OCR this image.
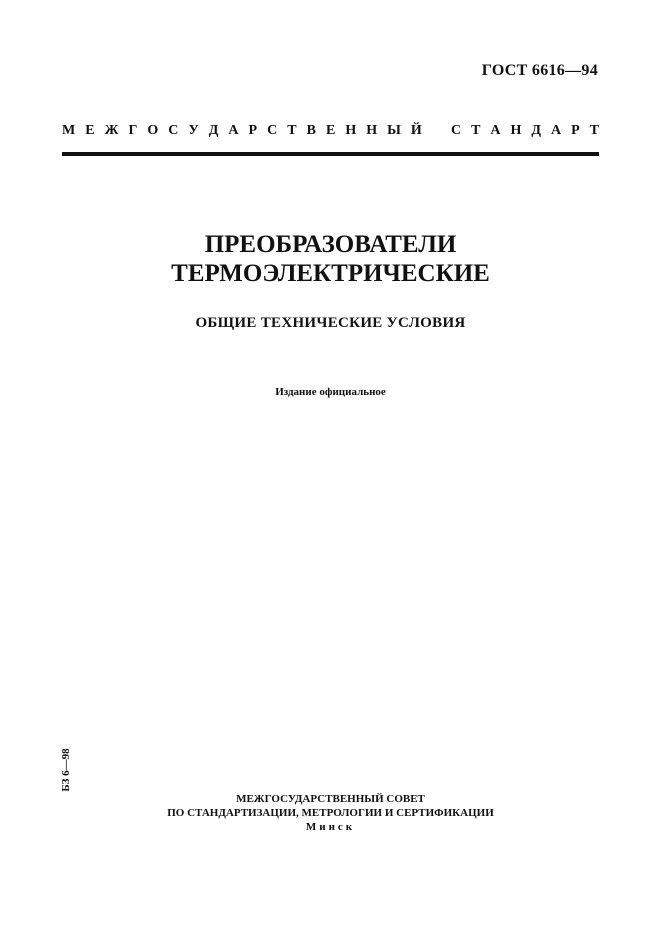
ГОСТ 6616—94
М Е Ж Г О С У Д А Р С Т В Е Н Н Ы Й С Т А Н Д А Р Т
ПРЕОБРАЗОВАТЕЛИ
ТЕРМОЭЛЕКТРИЧЕСКИЕ
ОБЩИЕ ТЕХНИЧЕСКИЕ УСЛОВИЯ
Издание официальное
БЗ 6—98
МЕЖГОСУДАРСТВЕННЫЙ СОВЕТ
ПО СТАНДАРТИЗАЦИИ, МЕТРОЛОГИИ И СЕРТИФИКАЦИИ
Минск
